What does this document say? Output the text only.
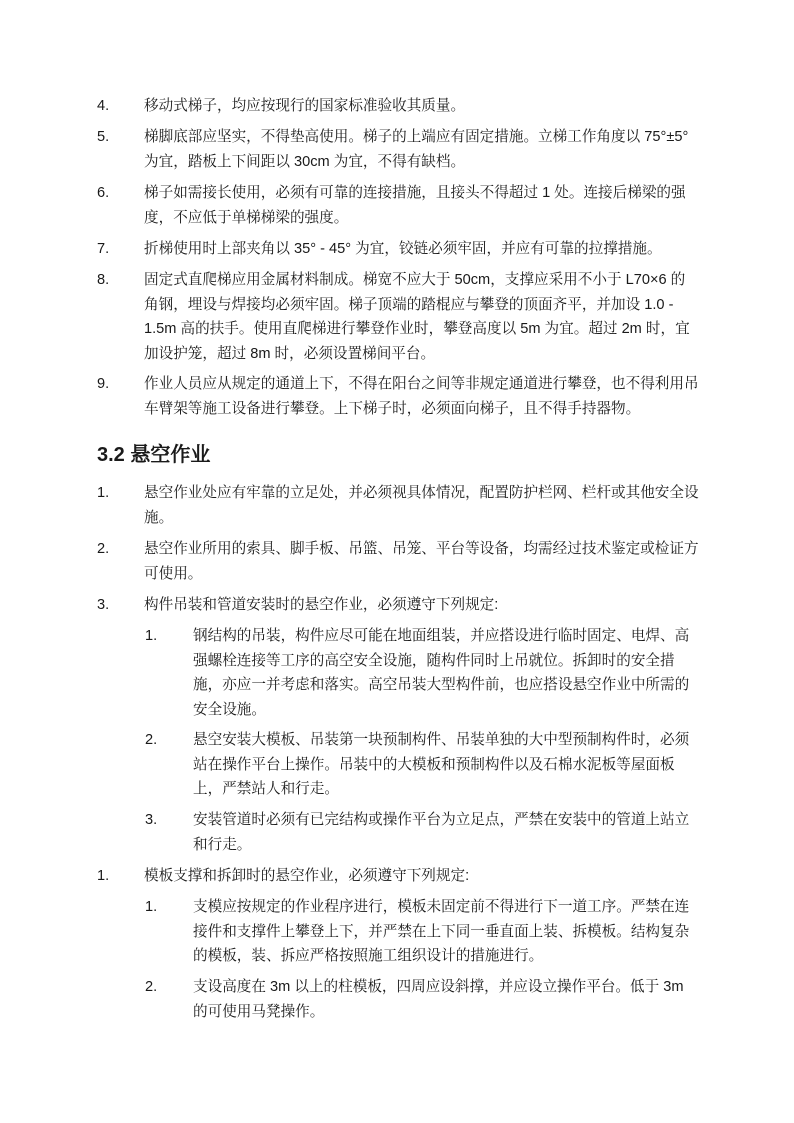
4. 移动式梯子，均应按现行的国家标准验收其质量。
5. 梯脚底部应坚实，不得垫高使用。梯子的上端应有固定措施。立梯工作角度以 75°±5° 为宜，踏板上下间距以 30cm 为宜，不得有缺档。
6. 梯子如需接长使用，必须有可靠的连接措施，且接头不得超过 1 处。连接后梯梁的强度，不应低于单梯梯梁的强度。
7. 折梯使用时上部夹角以 35° - 45° 为宜，铰链必须牢固，并应有可靠的拉撑措施。
8. 固定式直爬梯应用金属材料制成。梯宽不应大于 50cm，支撑应采用不小于 L70×6 的角钢，埋设与焊接均必须牢固。梯子顶端的踏棍应与攀登的顶面齐平，并加设 1.0 - 1.5m 高的扶手。使用直爬梯进行攀登作业时，攀登高度以 5m 为宜。超过 2m 时，宜加设护笼，超过 8m 时，必须设置梯间平台。
9. 作业人员应从规定的通道上下，不得在阳台之间等非规定通道进行攀登，也不得利用吊车臂架等施工设备进行攀登。上下梯子时，必须面向梯子，且不得手持器物。
3.2 悬空作业
1. 悬空作业处应有牢靠的立足处，并必须视具体情况，配置防护栏网、栏杆或其他安全设施。
2. 悬空作业所用的索具、脚手板、吊篮、吊笼、平台等设备，均需经过技术鉴定或检证方可使用。
3. 构件吊装和管道安装时的悬空作业，必须遵守下列规定:
1. 钢结构的吊装，构件应尽可能在地面组装，并应搭设进行临时固定、电焊、高强螺栓连接等工序的高空安全设施，随构件同时上吊就位。拆卸时的安全措施，亦应一并考虑和落实。高空吊装大型构件前，也应搭设悬空作业中所需的安全设施。
2. 悬空安装大模板、吊装第一块预制构件、吊装单独的大中型预制构件时，必须站在操作平台上操作。吊装中的大模板和预制构件以及石棉水泥板等屋面板上，严禁站人和行走。
3. 安装管道时必须有已完结构或操作平台为立足点，严禁在安装中的管道上站立和行走。
1. 模板支撑和拆卸时的悬空作业，必须遵守下列规定:
1. 支模应按规定的作业程序进行，模板未固定前不得进行下一道工序。严禁在连接件和支撑件上攀登上下，并严禁在上下同一垂直面上装、拆模板。结构复杂的模板，装、拆应严格按照施工组织设计的措施进行。
2. 支设高度在 3m 以上的柱模板，四周应设斜撑，并应设立操作平台。低于 3m 的可使用马凳操作。
